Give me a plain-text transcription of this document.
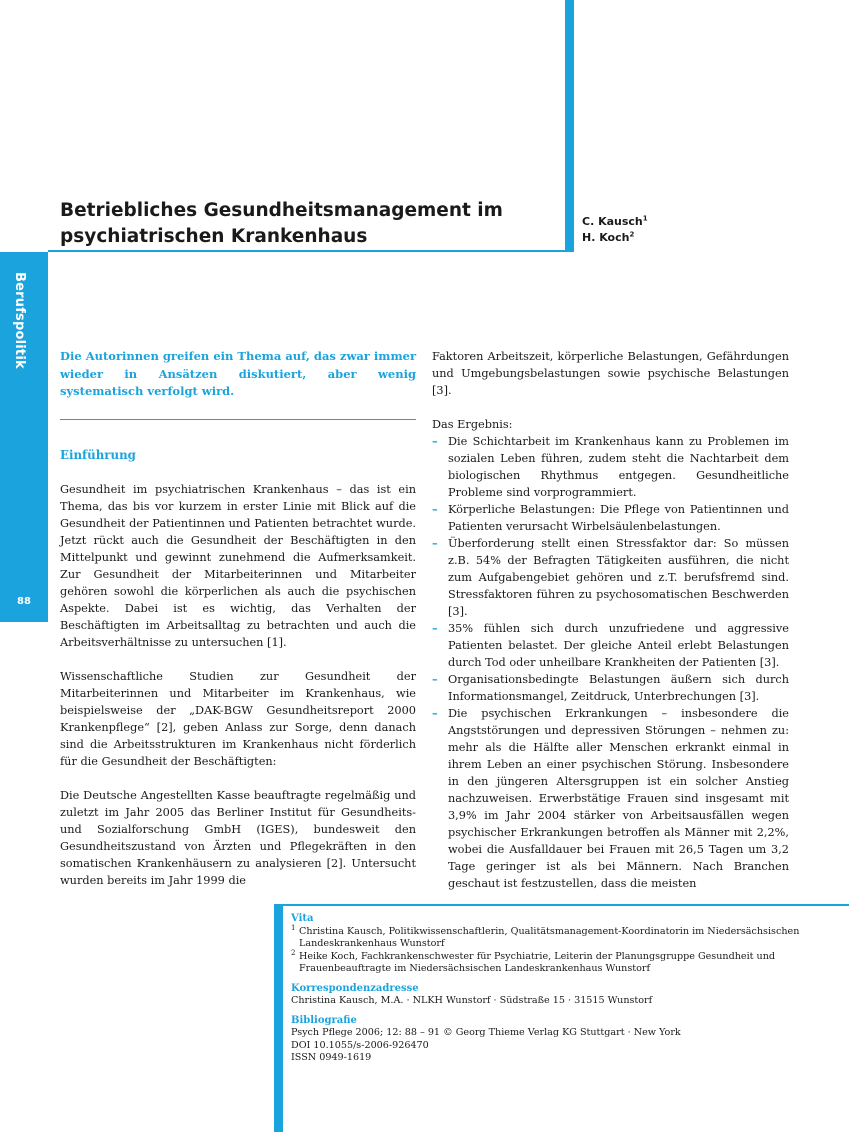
Berufspolitik
88
Betriebliches Gesundheitsmanagement im
psychiatrischen Krankenhaus
C. Kausch$^1$
H. Koch$^2$

Die Autorinnen greifen ein Thema auf, das zwar immer wieder in Ansätzen diskutiert, aber wenig systematisch verfolgt wird.

Einführung

Gesundheit im psychiatrischen Krankenhaus – das ist ein Thema, das bis vor kurzem in erster Linie mit Blick auf die Gesundheit der Patientinnen und Patienten betrachtet wurde. Jetzt rückt auch die Gesundheit der Beschäftigten in den Mittelpunkt und gewinnt zunehmend die Aufmerksamkeit. Zur Gesundheit der Mitarbeiterinnen und Mitarbeiter gehören sowohl die körperlichen als auch die psychischen Aspekte. Dabei ist es wichtig, das Verhalten der Beschäftigten im Arbeitsalltag zu betrachten und auch die Arbeitsverhältnisse zu untersuchen [1].

Wissenschaftliche Studien zur Gesundheit der Mitarbeiterinnen und Mitarbeiter im Krankenhaus, wie beispielsweise der „DAK-BGW Gesundheitsreport 2000 Krankenpflege“ [2], geben Anlass zur Sorge, denn danach sind die Arbeitsstrukturen im Krankenhaus nicht förderlich für die Gesundheit der Beschäftigten:

Die Deutsche Angestellten Kasse beauftragte regelmäßig und zuletzt im Jahr 2005 das Berliner Institut für Gesundheits- und Sozialforschung GmbH (IGES), bundesweit den Gesundheitszustand von Ärzten und Pflegekräften in den somatischen Krankenhäusern zu analysieren [2]. Untersucht wurden bereits im Jahr 1999 die

Faktoren Arbeitszeit, körperliche Belastungen, Gefährdungen und Umgebungsbelastungen sowie psychische Belastungen [3].

Das Ergebnis:
– Die Schichtarbeit im Krankenhaus kann zu Problemen im sozialen Leben führen, zudem steht die Nachtarbeit dem biologischen Rhythmus entgegen. Gesundheitliche Probleme sind vorprogrammiert.
– Körperliche Belastungen: Die Pflege von Patientinnen und Patienten verursacht Wirbelsäulenbelastungen.
– Überforderung stellt einen Stressfaktor dar: So müssen z.B. 54% der Befragten Tätigkeiten ausführen, die nicht zum Aufgabengebiet gehören und z.T. berufsfremd sind. Stressfaktoren führen zu psychosomatischen Beschwerden [3].
– 35% fühlen sich durch unzufriedene und aggressive Patienten belastet. Der gleiche Anteil erlebt Belastungen durch Tod oder unheilbare Krankheiten der Patienten [3].
– Organisationsbedingte Belastungen äußern sich durch Informationsmangel, Zeitdruck, Unterbrechungen [3].
– Die psychischen Erkrankungen – insbesondere die Angststörungen und depressiven Störungen – nehmen zu: mehr als die Hälfte aller Menschen erkrankt einmal in ihrem Leben an einer psychischen Störung. Insbesondere in den jüngeren Altersgruppen ist ein solcher Anstieg nachzuweisen. Erwerbstätige Frauen sind insgesamt mit 3,9% im Jahr 2004 stärker von Arbeitsausfällen wegen psychischer Erkrankungen betroffen als Männer mit 2,2%, wobei die Ausfalldauer bei Frauen mit 26,5 Tagen um 3,2 Tage geringer ist als bei Männern. Nach Branchen geschaut ist festzustellen, dass die meisten
Vita
$^1$ Christina Kausch, Politikwissenschaftlerin, Qualitätsmanagement-Koordinatorin im Niedersächsischen Landeskrankenhaus Wunstorf
$^2$ Heike Koch, Fachkrankenschwester für Psychiatrie, Leiterin der Planungsgruppe Gesundheit und Frauenbeauftragte im Niedersächsischen Landeskrankenhaus Wunstorf
Korrespondenzadresse
Christina Kausch, M.A. · NLKH Wunstorf · Südstraße 15 · 31515 Wunstorf
Bibliografie
Psych Pflege 2006; 12: 88 – 91 © Georg Thieme Verlag KG Stuttgart · New York
DOI 10.1055/s-2006-926470
ISSN 0949-1619
